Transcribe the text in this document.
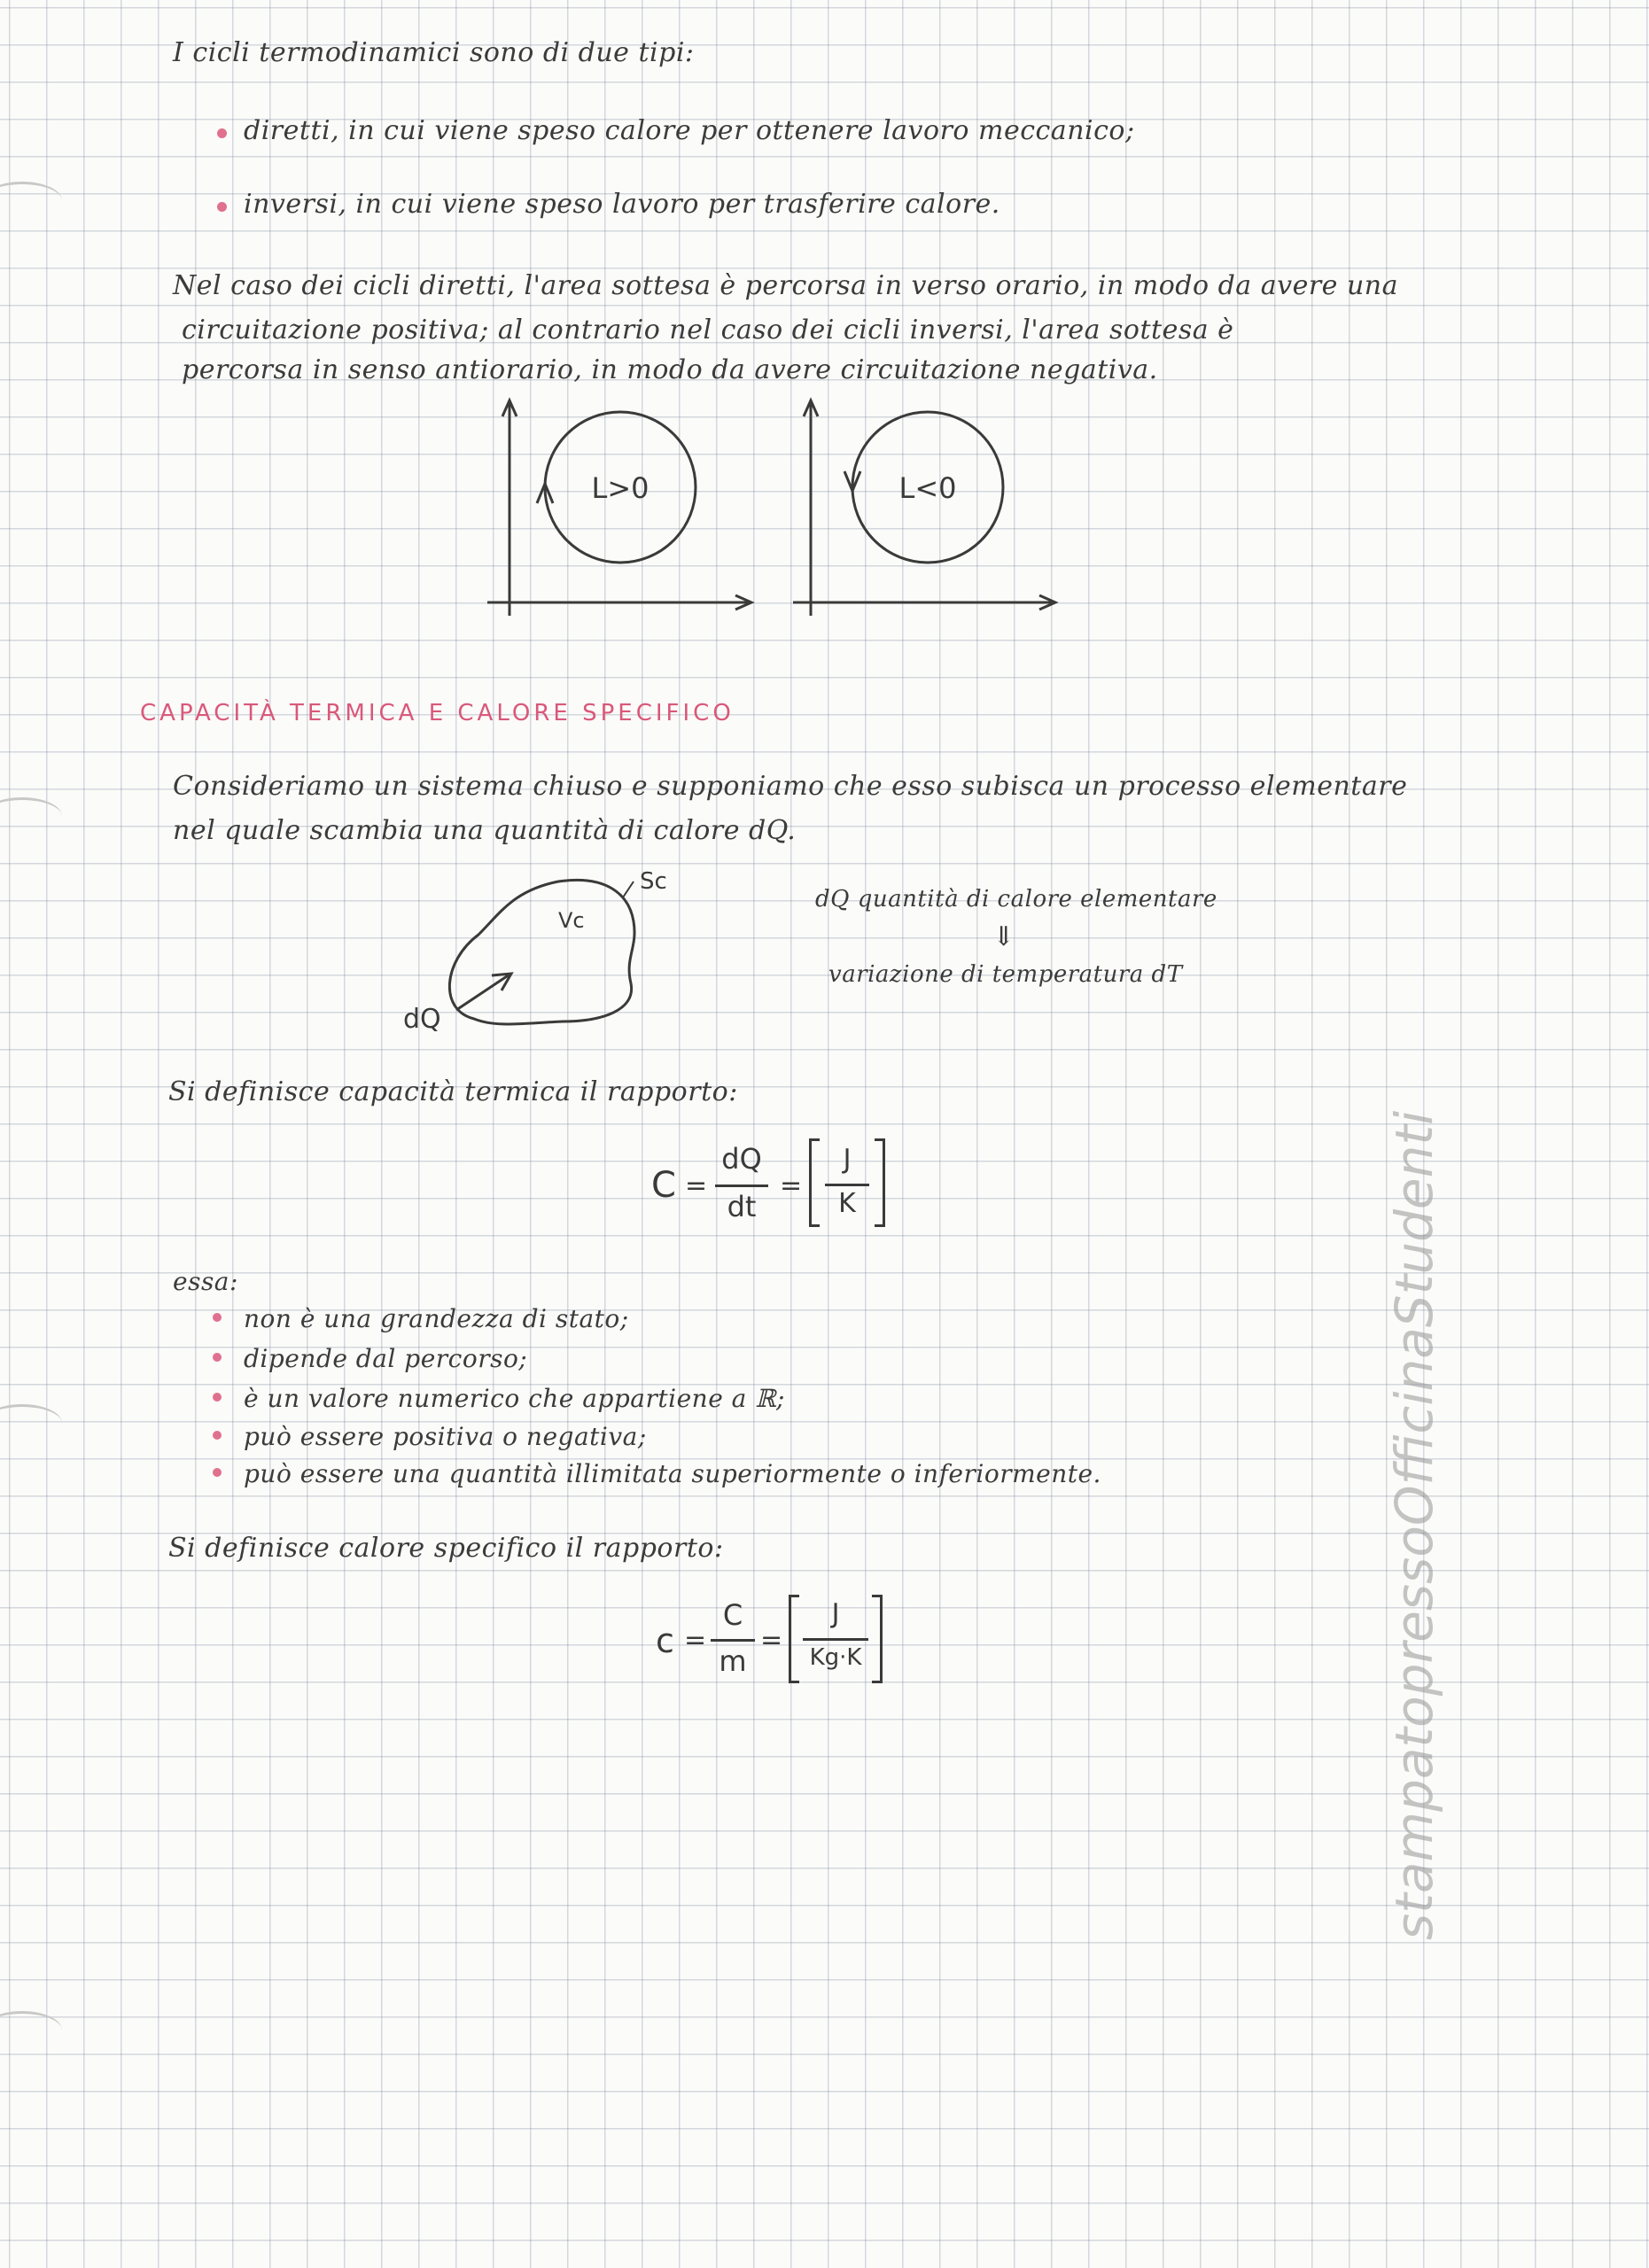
I cicli termodinamici sono di due tipi:
diretti, in cui viene speso calore per ottenere lavoro meccanico;
inversi, in cui viene speso lavoro per trasferire calore.
Nel caso dei cicli diretti, l'area sottesa è percorsa in verso orario, in modo da avere una
circuitazione positiva; al contrario nel caso dei cicli inversi, l'area sottesa è
percorsa in senso antiorario, in modo da avere circuitazione negativa.
L>0	L<0
CAPACITÀ TERMICA E CALORE SPECIFICO
Consideriamo un sistema chiuso e supponiamo che esso subisca un processo elementare
nel quale scambia una quantità di calore dQ.
Sc
Vc
dQ
dQ quantità di calore elementare
⇓
variazione di temperatura dT
Si definisce capacità termica il rapporto:
C =
dQ
dt
=
J
K
essa:
non è una grandezza di stato;
dipende dal percorso;
è un valore numerico che appartiene a ℝ;
può essere positiva o negativa;
può essere una quantità illimitata superiormente o inferiormente.
Si definisce calore specifico il rapporto:
c =
C
m
=
J
Kg·K	stampatopressoOfficinaStudenti
